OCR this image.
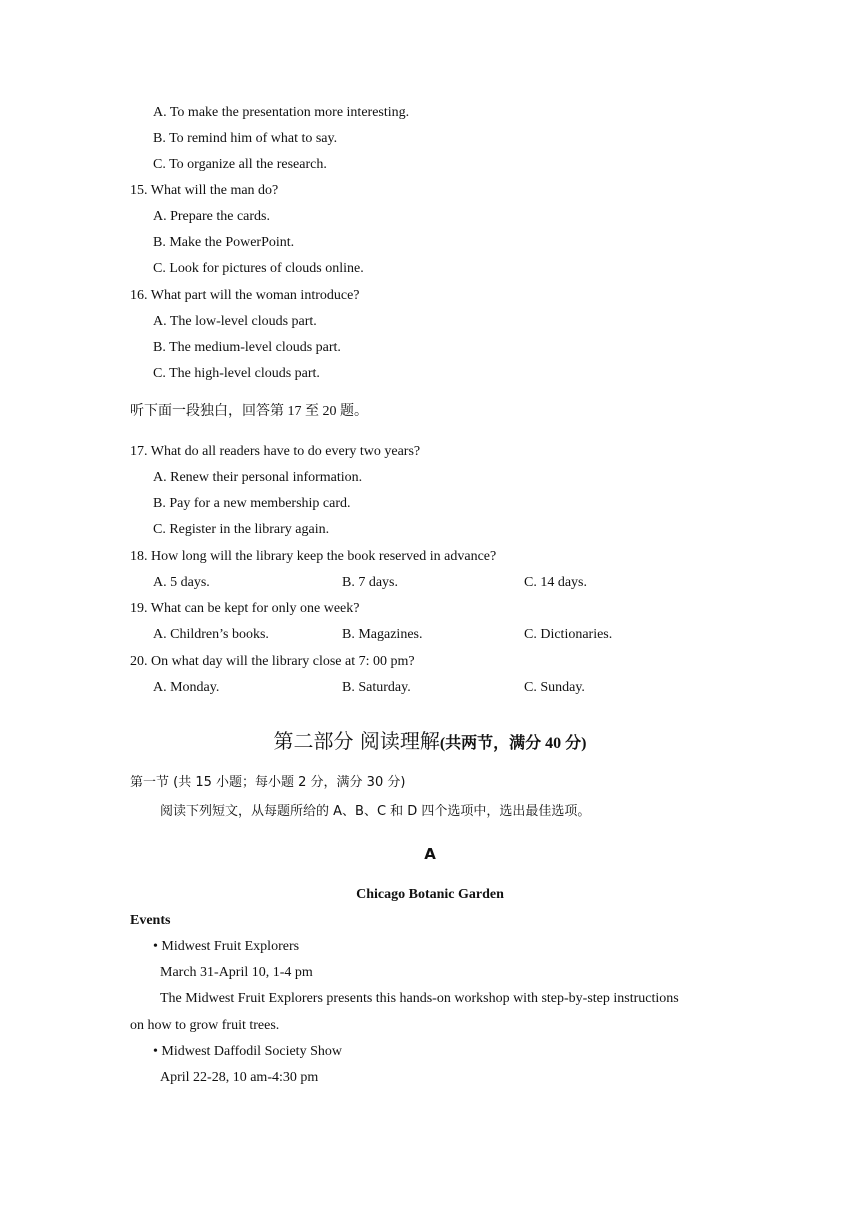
A. To make the presentation more interesting.
B. To remind him of what to say.
C. To organize all the research.
15. What will the man do?
A. Prepare the cards.
B. Make the PowerPoint.
C. Look for pictures of clouds online.
16. What part will the woman introduce?
A. The low-level clouds part.
B. The medium-level clouds part.
C. The high-level clouds part.
听下面一段独白，回答第 17 至 20 题。
17. What do all readers have to do every two years?
A. Renew their personal information.
B. Pay for a new membership card.
C. Register in the library again.
18. How long will the library keep the book reserved in advance?
A. 5 days.	B. 7 days.	C. 14 days.
19. What can be kept for only one week?
A. Children’s books.	B. Magazines.	C. Dictionaries.
20. On what day will the library close at 7: 00 pm?
A. Monday.	B. Saturday.	C. Sunday.
第二部分 阅读理解(共两节，满分 40 分)
第一节 (共 15 小题；每小题 2 分，满分 30 分)
阅读下列短文，从每题所给的 A、B、C 和 D 四个选项中，选出最佳选项。
A
Chicago Botanic Garden
Events
• Midwest Fruit Explorers
March 31-April 10, 1-4 pm
The Midwest Fruit Explorers presents this hands-on workshop with step-by-step instructions
on how to grow fruit trees.
• Midwest Daffodil Society Show
April 22-28, 10 am-4:30 pm
